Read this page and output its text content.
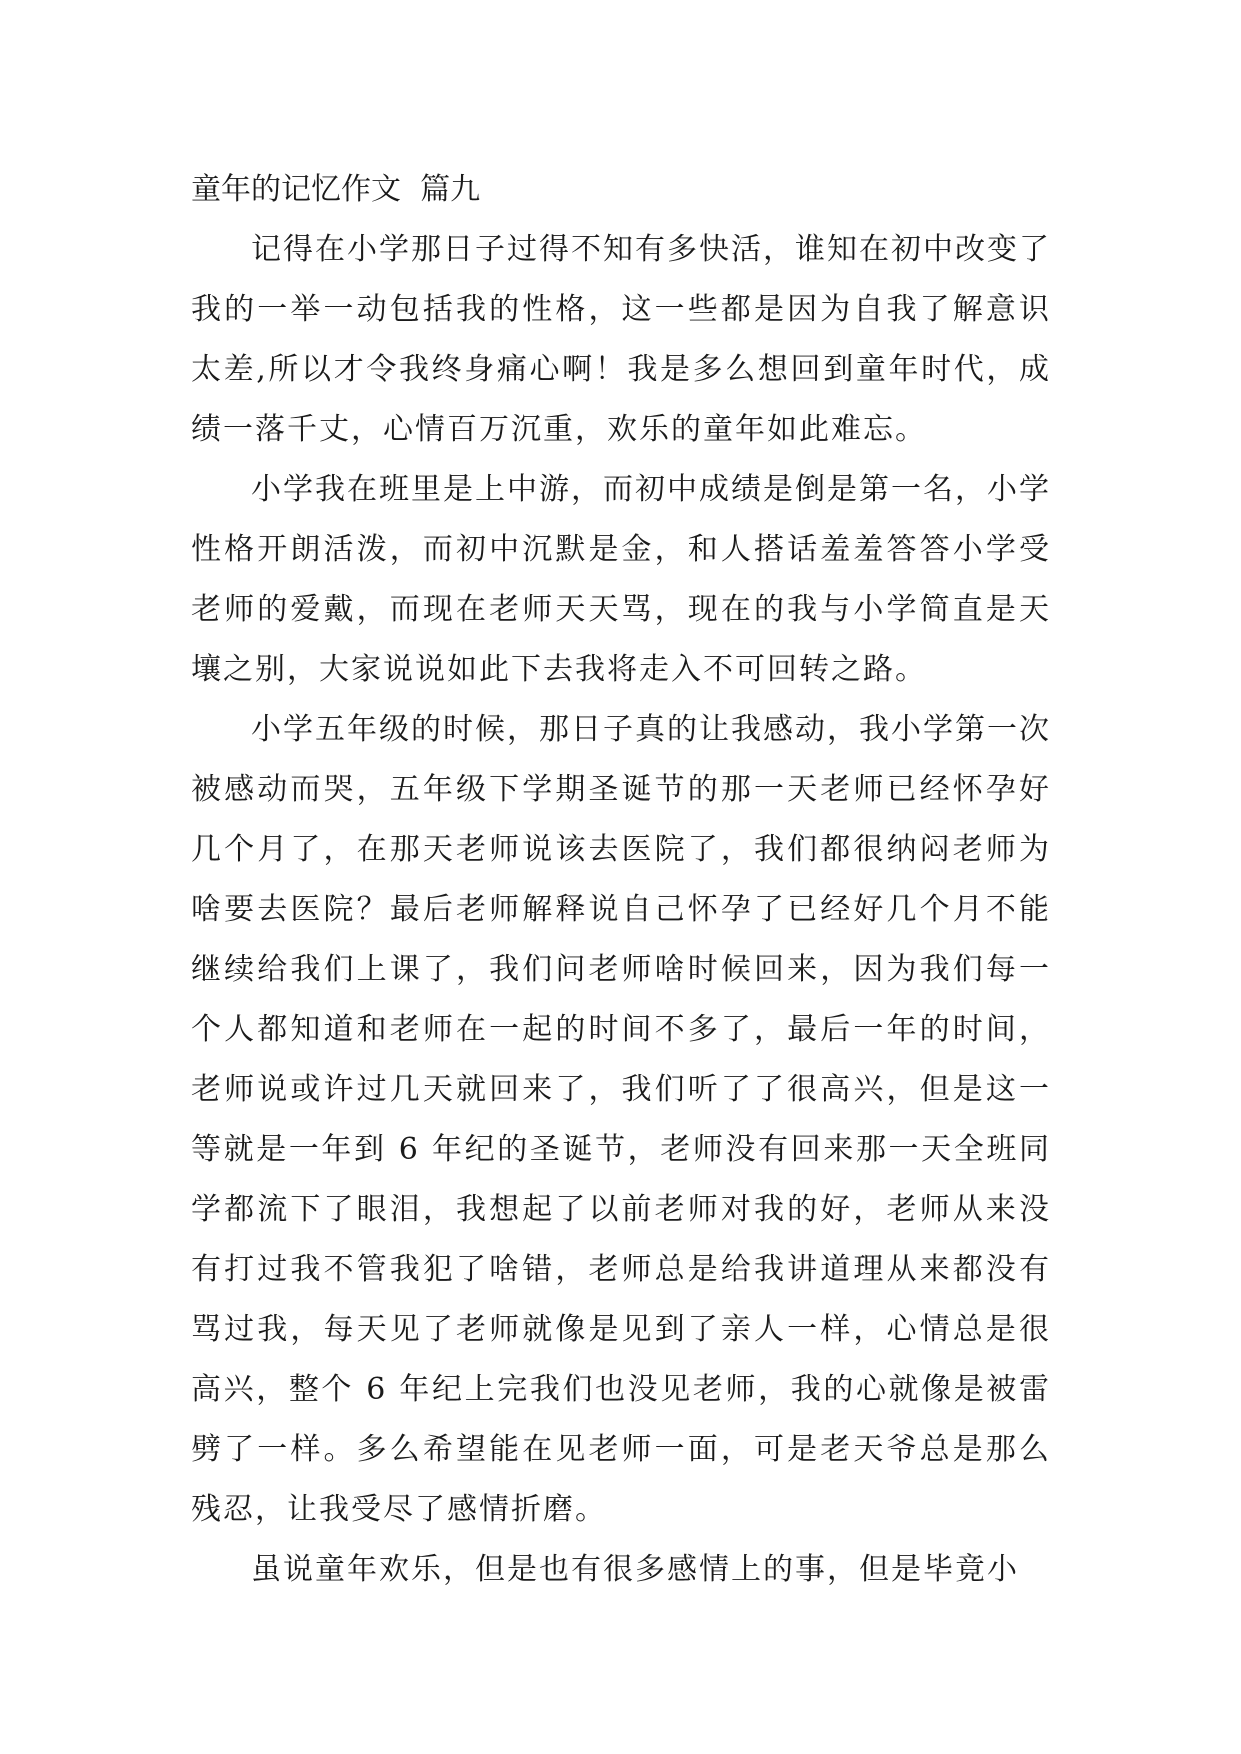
童年的记忆作文  篇九

记得在小学那日子过得不知有多快活，谁知在初中改变了我的一举一动包括我的性格，这一些都是因为自我了解意识太差,所以才令我终身痛心啊！我是多么想回到童年时代，成绩一落千丈，心情百万沉重，欢乐的童年如此难忘。

小学我在班里是上中游，而初中成绩是倒是第一名，小学性格开朗活泼，而初中沉默是金，和人搭话羞羞答答小学受老师的爱戴，而现在老师天天骂，现在的我与小学简直是天壤之别，大家说说如此下去我将走入不可回转之路。

小学五年级的时候，那日子真的让我感动，我小学第一次被感动而哭，五年级下学期圣诞节的那一天老师已经怀孕好几个月了，在那天老师说该去医院了，我们都很纳闷老师为啥要去医院？最后老师解释说自己怀孕了已经好几个月不能继续给我们上课了，我们问老师啥时候回来，因为我们每一个人都知道和老师在一起的时间不多了，最后一年的时间，老师说或许过几天就回来了，我们听了了很高兴，但是这一等就是一年到 6 年纪的圣诞节，老师没有回来那一天全班同学都流下了眼泪，我想起了以前老师对我的好，老师从来没有打过我不管我犯了啥错，老师总是给我讲道理从来都没有骂过我，每天见了老师就像是见到了亲人一样，心情总是很高兴，整个 6 年纪上完我们也没见老师，我的心就像是被雷劈了一样。多么希望能在见老师一面，可是老天爷总是那么残忍，让我受尽了感情折磨。

虽说童年欢乐，但是也有很多感情上的事，但是毕竟小
